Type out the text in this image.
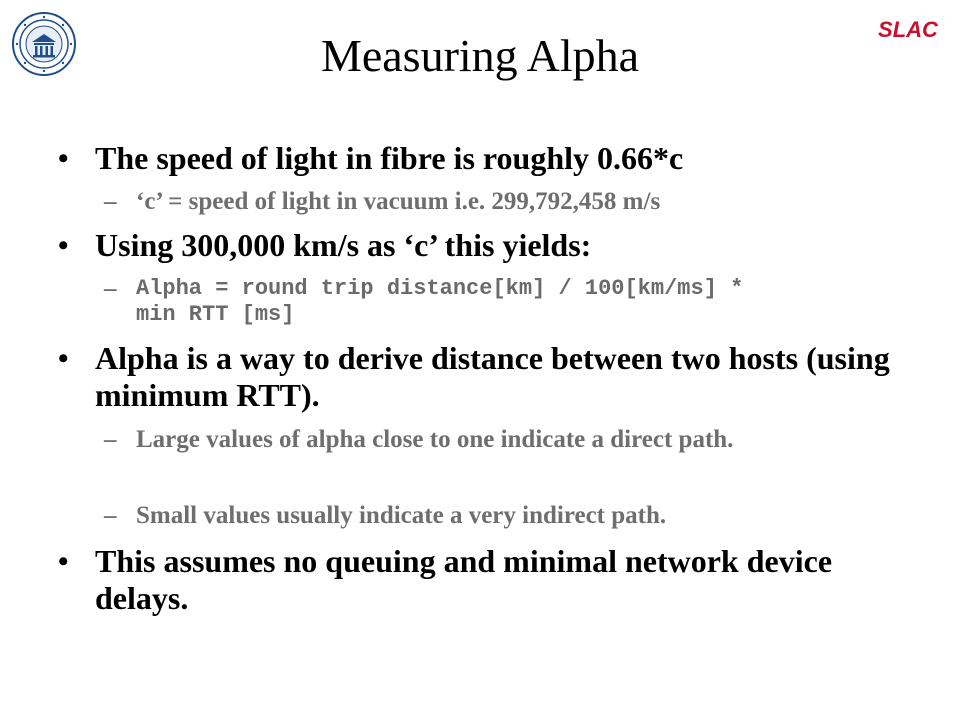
SLAC
Measuring Alpha
• The speed of light in fibre is roughly 0.66*c
– ‘c’ = speed of light in vacuum i.e. 299,792,458 m/s
• Using 300,000 km/s as ‘c’ this yields:
– Alpha = round trip distance[km] / 100[km/ms] * min RTT [ms]
• Alpha is a way to derive distance between two hosts (using minimum RTT).
– Large values of alpha close to one indicate a direct path.
– Small values usually indicate a very indirect path.
• This assumes no queuing and minimal network device delays.
